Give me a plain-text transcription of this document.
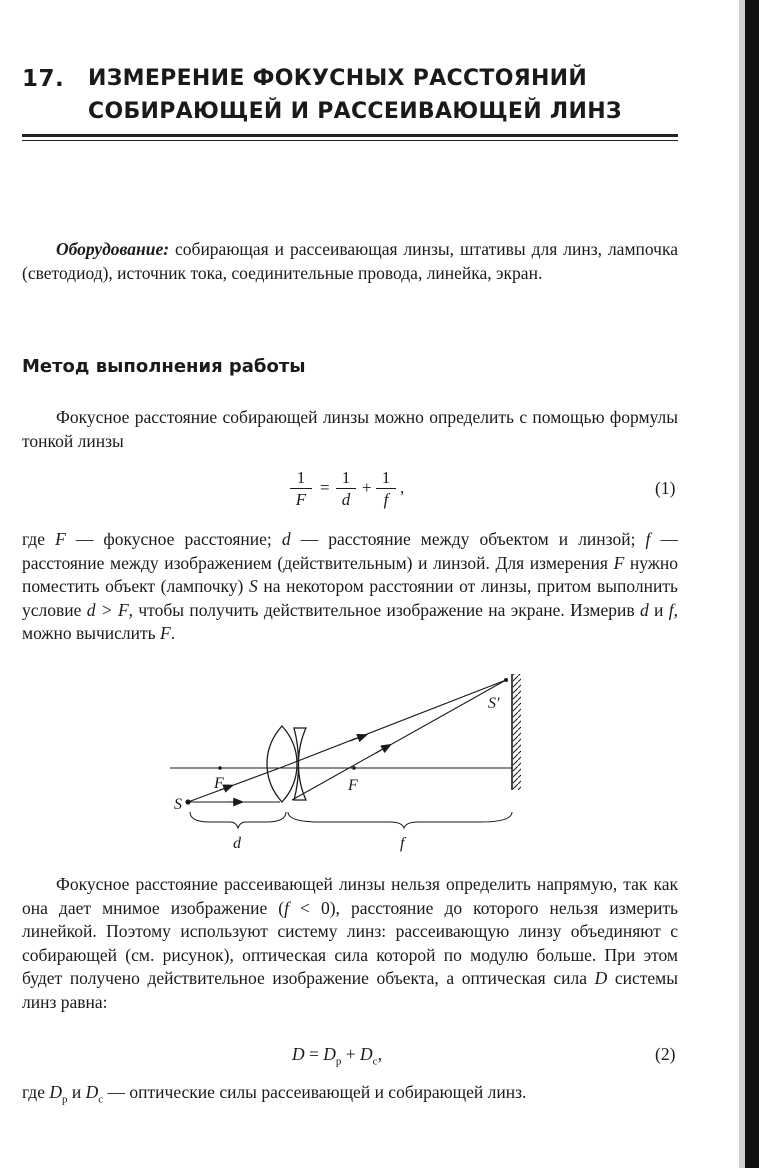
17. ИЗМЕРЕНИЕ ФОКУСНЫХ РАССТОЯНИЙ
СОБИРАЮЩЕЙ И РАССЕИВАЮЩЕЙ ЛИНЗ
Оборудование: собирающая и рассеивающая линзы, штативы для линз, лампочка (светодиод), источник тока, соединительные провода, линейка, экран.
Метод выполнения работы
Фокусное расстояние собирающей линзы можно определить с помощью формулы тонкой линзы
1
F
=
1
d
+
1
f
,	(1)
где F — фокусное расстояние; d — расстояние между объектом и линзой; f — расстояние между изображением (действительным) и линзой. Для измерения F нужно поместить объект (лампочку) S на некотором расстоянии от линзы, притом выполнить условие d > F, чтобы получить действительное изображение на экране. Измерив d и f, можно вычислить F.
S
S'
F	F
d	f
Фокусное расстояние рассеивающей линзы нельзя определить напрямую, так как она дает мнимое изображение (f < 0), расстояние до которого нельзя измерить линейкой. Поэтому используют систему линз: рассеивающую линзу объединяют с собирающей (см. рисунок), оптическая сила которой по модулю больше. При этом будет получено действительное изображение объекта, а оптическая сила D системы линз равна:
$D = D_р + D_с$,	(2)
где $D_р$ и $D_с$ — оптические силы рассеивающей и собирающей линз.
